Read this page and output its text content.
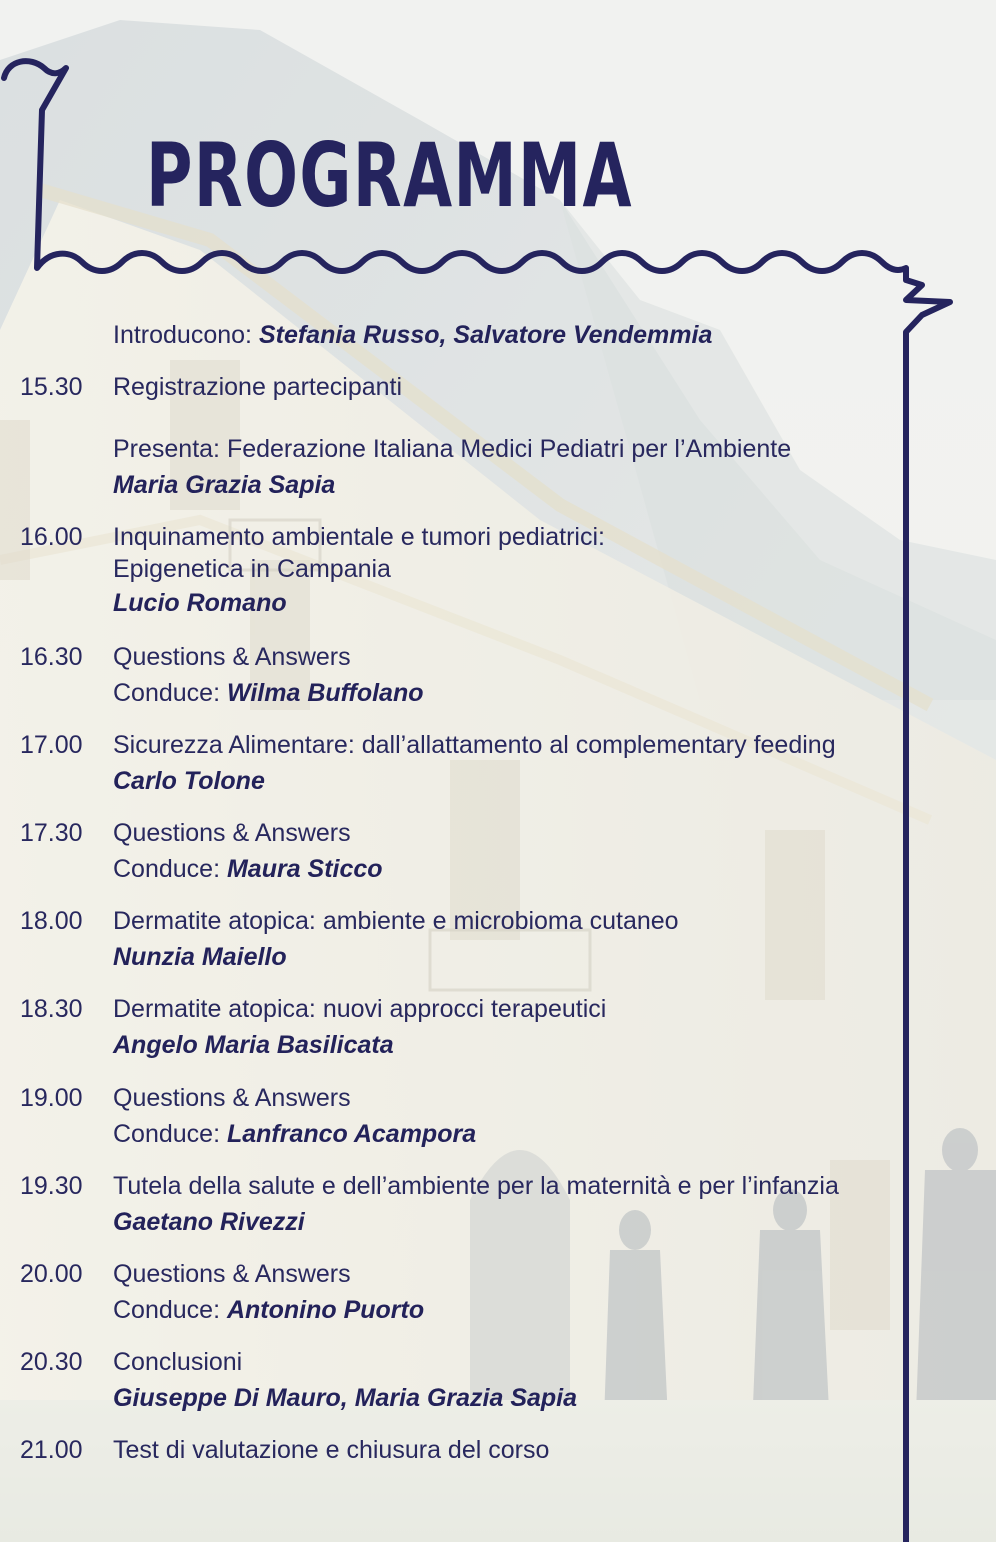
PROGRAMMA
Introducono: Stefania Russo, Salvatore Vendemmia
15.30 Registrazione partecipanti
Presenta: Federazione Italiana Medici Pediatri per l’Ambiente
Maria Grazia Sapia
16.00 Inquinamento ambientale e tumori pediatrici:
Epigenetica in Campania
Lucio Romano
16.30 Questions & Answers
Conduce: Wilma Buffolano
17.00 Sicurezza Alimentare: dall’allattamento al complementary feeding
Carlo Tolone
17.30 Questions & Answers
Conduce: Maura Sticco
18.00 Dermatite atopica: ambiente e microbioma cutaneo
Nunzia Maiello
18.30 Dermatite atopica: nuovi approcci terapeutici
Angelo Maria Basilicata
19.00 Questions & Answers
Conduce: Lanfranco Acampora
19.30 Tutela della salute e dell’ambiente per la maternità e per l’infanzia
Gaetano Rivezzi
20.00 Questions & Answers
Conduce: Antonino Puorto
20.30 Conclusioni
Giuseppe Di Mauro, Maria Grazia Sapia
21.00 Test di valutazione e chiusura del corso
